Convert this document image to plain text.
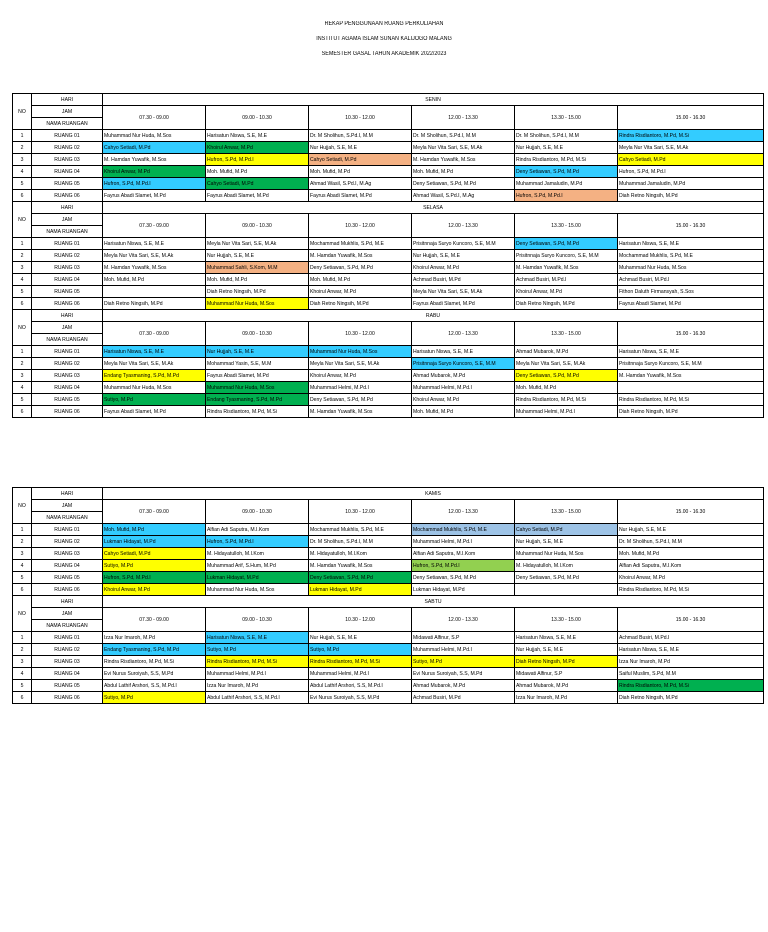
REKAP PENGGUNAAN RUANG PERKULIAHAN
INSTITUT AGAMA ISLAM SUNAN KALIJOGO MALANG
SEMESTER GASAL TAHUN AKADEMIK 2022/2023
NO	HARI	SENIN					
	JAM	07.30 - 09.00	09.00 - 10.30	10.30 - 12.00	12.00 - 13.30	13.30 - 15.00	15.00 - 16.30
	NAMA RUANGAN						
1	RUANG 01	Muhammad Nur Huda, M.Sos	Harisatun Niswa, S.E, M.E	Dr. M Sholihun, S.Pd.I, M.M	Dr. M Sholihun, S.Pd.I, M.M	Dr. M Sholihun, S.Pd.I, M.M	Rindra Risdiantoro, M.Pd, M.Si
2	RUANG 02	Cahyo Setiadi, M.Pd	Khoirul Anwar, M.Pd	Nur Hujjah, S.E, M.E	Meyla Nur Vita Sari, S.E, M.Ak	Nur Hujjah, S.E, M.E	Meyla Nur Vita Sari, S.E, M.Ak
3	RUANG 03	M. Hamdan Yuwafik, M.Sos	Hufron, S.Pd, M.Pd.I	Cahyo Setiadi, M.Pd	M. Hamdan Yuwafik, M.Sos	Rindra Risdiantoro, M.Pd, M.Si	Cahyo Setiadi, M.Pd
4	RUANG 04	Khoirul Anwar, M.Pd	Moh. Mufid, M.Pd	Moh. Mufid, M.Pd	Moh. Mufid, M.Pd	Deny Setiawan, S.Pd, M.Pd	Hufron, S.Pd, M.Pd.I
5	RUANG 05	Hufron, S.Pd, M.Pd.I	Cahyo Setiadi, M.Pd	Ahmad Wasil, S.Pd.I, M.Ag	Deny Setiawan, S.Pd, M.Pd	Muhammad Jamaludin, M.Pd	Muhammad Jamaludin, M.Pd
6	RUANG 06	Fayrus Abadi Slamet, M.Pd	Fayrus Abadi Slamet, M.Pd	Fayrus Abadi Slamet, M.Pd	Ahmad Wasil, S.Pd.I, M.Ag	Hufron, S.Pd, M.Pd.I	Diah Retno Ningsih, M.Pd
NO	HARI	SELASA					
	JAM	07.30 - 09.00	09.00 - 10.30	10.30 - 12.00	12.00 - 13.30	13.30 - 15.00	15.00 - 16.30
	NAMA RUANGAN						
1	RUANG 01	Harisatun Niswa, S.E, M.E	Meyla Nur Vita Sari, S.E, M.Ak	Mochammad Mukhlis, S.Pd, M.E	Prisitnnaja Suryo Kuncoro, S.E, M.M	Deny Setiawan, S.Pd, M.Pd	Harisatun Niswa, S.E, M.E
2	RUANG 02	Meyla Nur Vita Sari, S.E, M.Ak	Nur Hujjah, S.E, M.E	M. Hamdan Yuwafik, M.Sos	Nur Hujjah, S.E, M.E	Prisitnnaja Suryo Kuncoro, S.E, M.M	Mochammad Mukhlis, S.Pd, M.E
3	RUANG 03	M. Hamdan Yuwafik, M.Sos	Muhammad Sahli, S.Kom, M.M	Deny Setiawan, S.Pd, M.Pd	Khoirul Anwar, M.Pd	M. Hamdan Yuwafik, M.Sos	Muhammad Nur Huda, M.Sos
4	RUANG 04	Moh. Mufid, M.Pd	Moh. Mufid, M.Pd	Moh. Mufid, M.Pd	Achmad Busiri, M.Pd	Achmad Busiri, M.Pd.I	Achmad Busiri, M.Pd.I
5	RUANG 05		Diah Retno Ningsih, M.Pd	Khoirul Anwar, M.Pd	Meyla Nur Vita Sari, S.E, M.Ak	Khoirul Anwar, M.Pd	Fithon Daluth Firmansyah, S.Sos
6	RUANG 06	Diah Retno Ningsih, M.Pd	Muhammad Nur Huda, M.Sos	Diah Retno Ningsih, M.Pd	Fayrus Abadi Slamet, M.Pd	Diah Retno Ningsih, M.Pd	Fayrus Abadi Slamet, M.Pd
NO	HARI	RABU					
	JAM	07.30 - 09.00	09.00 - 10.30	10.30 - 12.00	12.00 - 13.30	13.30 - 15.00	15.00 - 16.30
	NAMA RUANGAN						
1	RUANG 01	Harisatun Niswa, S.E, M.E	Nur Hujjah, S.E, M.E	Muhammad Nur Huda, M.Sos	Harisatun Niswa, S.E, M.E	Ahmad Mubarok, M.Pd	Harisatun Niswa, S.E, M.E
2	RUANG 02	Meyla Nur Vita Sari, S.E, M.Ak	Mohammad Yasin, S.E, M.M	Meyla Nur Vita Sari, S.E, M.Ak	Prisitnnaja Suryo Kuncoro, S.E, M.M	Meyla Nur Vita Sari, S.E, M.Ak	Prisitnnaja Suryo Kuncoro, S.E, M.M
3	RUANG 03	Endang Tyasmaning, S.Pd, M.Pd	Fayrus Abadi Slamet, M.Pd	Khoirul Anwar, M.Pd	Ahmad Mubarok, M.Pd	Deny Setiawan, S.Pd, M.Pd	M. Hamdan Yuwafik, M.Sos
4	RUANG 04	Muhammad Nur Huda, M.Sos	Muhammad Nur Huda, M.Sos	Muhammad Helmi, M.Pd.I	Muhammad Helmi, M.Pd.I	Moh. Mufid, M.Pd	
5	RUANG 05	Sutiyo, M.Pd	Endang Tyasmaning, S.Pd, M.Pd	Deny Setiawan, S.Pd, M.Pd	Khoirul Anwar, M.Pd	Rindra Risdiantoro, M.Pd, M.Si	Rindra Risdiantoro, M.Pd, M.Si
6	RUANG 06	Fayrus Abadi Slamet, M.Pd	Rindra Risdiantoro, M.Pd, M.Si	M. Hamdan Yuwafik, M.Sos	Moh. Mufid, M.Pd	Muhammad Helmi, M.Pd.I	Diah Retno Ningsih, M.Pd
NO	HARI	KAMIS					
	JAM	07.30 - 09.00	09.00 - 10.30	10.30 - 12.00	12.00 - 13.30	13.30 - 15.00	15.00 - 16.30
	NAMA RUANGAN						
1	RUANG 01	Moh. Mufid, M.Pd	Alfian Adi Saputra, M.I.Kom	Mochammad Mukhlis, S.Pd, M.E	Mochammad Mukhlis, S.Pd, M.E	Cahyo Setiadi, M.Pd	Nur Hujjah, S.E, M.E
2	RUANG 02	Lukman Hidayat, M.Pd	Hufron, S.Pd, M.Pd.I	Dr. M Sholihun, S.Pd.I, M.M	Muhammad Helmi, M.Pd.I	Nur Hujjah, S.E, M.E	Dr. M Sholihun, S.Pd.I, M.M
3	RUANG 03	Cahyo Setiadi, M.Pd	M. Hidayatulloh, M.I.Kom	M. Hidayatulloh, M.I.Kom	Alfian Adi Saputra, M.I.Kom	Muhammad Nur Huda, M.Sos	Moh. Mufid, M.Pd
4	RUANG 04	Sutiyo, M.Pd	Muhammad Arif, S.Hum, M.Pd	M. Hamdan Yuwafik, M.Sos	Hufron, S.Pd, M.Pd.I	M. Hidayatulloh, M.I.Kom	Alfian Adi Saputra, M.I.Kom
5	RUANG 05	Hufron, S.Pd, M.Pd.I	Lukman Hidayat, M.Pd	Deny Setiawan, S.Pd, M.Pd	Deny Setiawan, S.Pd, M.Pd	Deny Setiawan, S.Pd, M.Pd	Khoirul Anwar, M.Pd
6	RUANG 06	Khoirul Anwar, M.Pd	Muhammad Nur Huda, M.Sos	Lukman Hidayat, M.Pd	Lukman Hidayat, M.Pd		Rindra Risdiantoro, M.Pd, M.Si
NO	HARI	SABTU					
	JAM	07.30 - 09.00	09.00 - 10.30	10.30 - 12.00	12.00 - 13.30	13.30 - 15.00	15.00 - 16.30
	NAMA RUANGAN						
1	RUANG 01	Izza Nur Imaroh, M.Pd	Harisatun Niswa, S.E, M.E	Nur Hujjah, S.E, M.E	Midawati Alfinur, S.P	Harisatun Niswa, S.E, M.E	Achmad Busiri, M.Pd.I
2	RUANG 02	Endang Tyasmaning, S.Pd, M.Pd	Sutiyo, M.Pd	Sutiyo, M.Pd	Muhammad Helmi, M.Pd.I	Nur Hujjah, S.E, M.E	Harisatun Niswa, S.E, M.E
3	RUANG 03	Rindra Risdiantoro, M.Pd, M.Si	Rindra Risdiantoro, M.Pd, M.Si	Rindra Risdiantoro, M.Pd, M.Si	Sutiyo, M.Pd	Diah Retno Ningsih, M.Pd	Izza Nur Imaroh, M.Pd
4	RUANG 04	Evi Nurus Suroiyah, S.S, M.Pd	Muhammad Helmi, M.Pd.I	Muhammad Helmi, M.Pd.I	Evi Nurus Suroiyah, S.S, M.Pd	Midawati Alfinur, S.P	Saiful Muslim, S.Pd, M.M
5	RUANG 05	Abdul Lathif Arshori, S.S, M.Pd.I	Izza Nur Imaroh, M.Pd	Abdul Lathif Arshori, S.S, M.Pd.I	Ahmad Mubarok, M.Pd	Ahmad Mubarok, M.Pd	Rindra Risdiantoro, M.Pd, M.Si
6	RUANG 06	Sutiyo, M.Pd	Abdul Lathif Arshori, S.S, M.Pd.I	Evi Nurus Suroiyah, S.S, M.Pd	Achmad Busiri, M.Pd	Izza Nur Imaroh, M.Pd	Diah Retno Ningsih, M.Pd
